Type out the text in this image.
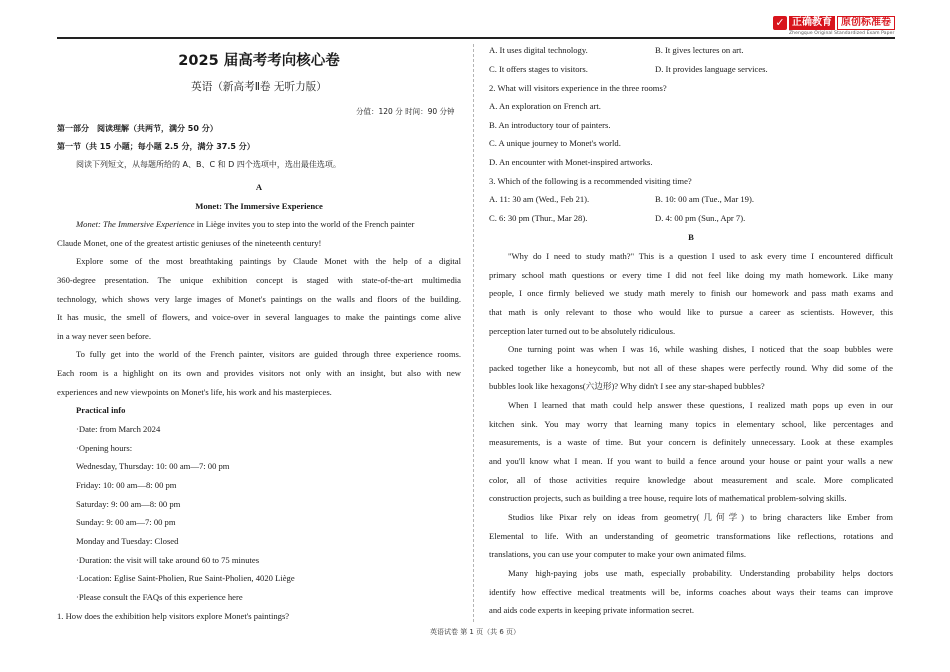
✓ 正确教育 原创标准卷
Zhengque Original Standardized Exam Paper
2025 届高考考向核心卷
英语（新高考Ⅱ卷 无听力版）
分值：120 分 时间：90 分钟
第一部分　阅读理解（共两节，满分 50 分）
第一节（共 15 小题；每小题 2.5 分，满分 37.5 分）
阅读下列短文，从每题所给的 A、B、C 和 D 四个选项中，选出最佳选项。
A
Monet: The Immersive Experience
Monet: The Immersive Experience in Liège invites you to step into the world of the French painter
Claude Monet, one of the greatest artistic geniuses of the nineteenth century!
Explore some of the most breathtaking paintings by Claude Monet with the help of a digital
360-degree presentation. The unique exhibition concept is staged with state-of-the-art multimedia
technology, which shows very large images of Monet's paintings on the walls and floors of the building.
It has music, the smell of flowers, and voice-over in several languages to make the paintings come alive
in a way never seen before.
To fully get into the world of the French painter, visitors are guided through three experience rooms.
Each room is a highlight on its own and provides visitors not only with an insight, but also with new
experiences and new viewpoints on Monet's life, his work and his masterpieces.
Practical info
·Date: from March 2024
·Opening hours:
Wednesday, Thursday: 10: 00 am—7: 00 pm
Friday: 10: 00 am—8: 00 pm
Saturday: 9: 00 am—8: 00 pm
Sunday: 9: 00 am—7: 00 pm
Monday and Tuesday: Closed
·Duration: the visit will take around 60 to 75 minutes
·Location: Eglise Saint-Pholien, Rue Saint-Pholien, 4020 Liège
·Please consult the FAQs of this experience here
1. How does the exhibition help visitors explore Monet's paintings?
A. It uses digital technology.	B. It gives lectures on art.
C. It offers stages to visitors.	D. It provides language services.
2. What will visitors experience in the three rooms?
A. An exploration on French art.
B. An introductory tour of painters.
C. A unique journey to Monet's world.
D. An encounter with Monet-inspired artworks.
3. Which of the following is a recommended visiting time?
A. 11: 30 am (Wed., Feb 21).	B. 10: 00 am (Tue., Mar 19).
C. 6: 30 pm (Thur., Mar 28).	D. 4: 00 pm (Sun., Apr 7).
B
"Why do I need to study math?" This is a question I used to ask every time I encountered difficult
primary school math questions or every time I did not feel like doing my math homework. Like many
people, I once firmly believed we study math merely to finish our homework and pass math exams and
that math is only relevant to those who would like to pursue a career as scientists. However, this
perception later turned out to be absolutely ridiculous.
One turning point was when I was 16, while washing dishes, I noticed that the soap bubbles were
packed together like a honeycomb, but not all of these shapes were perfectly round. Why did some of the
bubbles look like hexagons(六边形)? Why didn't I see any star-shaped bubbles?
When I learned that math could help answer these questions, I realized math pops up even in our
kitchen sink. You may worry that learning many topics in elementary school, like percentages and
measurements, is a waste of time. But your concern is definitely unnecessary. Look at these examples
and you'll know what I mean. If you want to build a fence around your house or paint your walls a new
color, all of those activities require knowledge about measurement and scale. More complicated
construction projects, such as building a tree house, require lots of mathematical problem-solving skills.
Studios like Pixar rely on ideas from geometry(几何学) to bring characters like Ember from
Elemental to life. With an understanding of geometric transformations like reflections, rotations and
translations, you can use your computer to make your own animated films.
Many high-paying jobs use math, especially probability. Understanding probability helps doctors
identify how effective medical treatments will be, informs coaches about ways their teams can improve
and aids code experts in keeping private information secret.
英语试卷 第 1 页（共 6 页）
